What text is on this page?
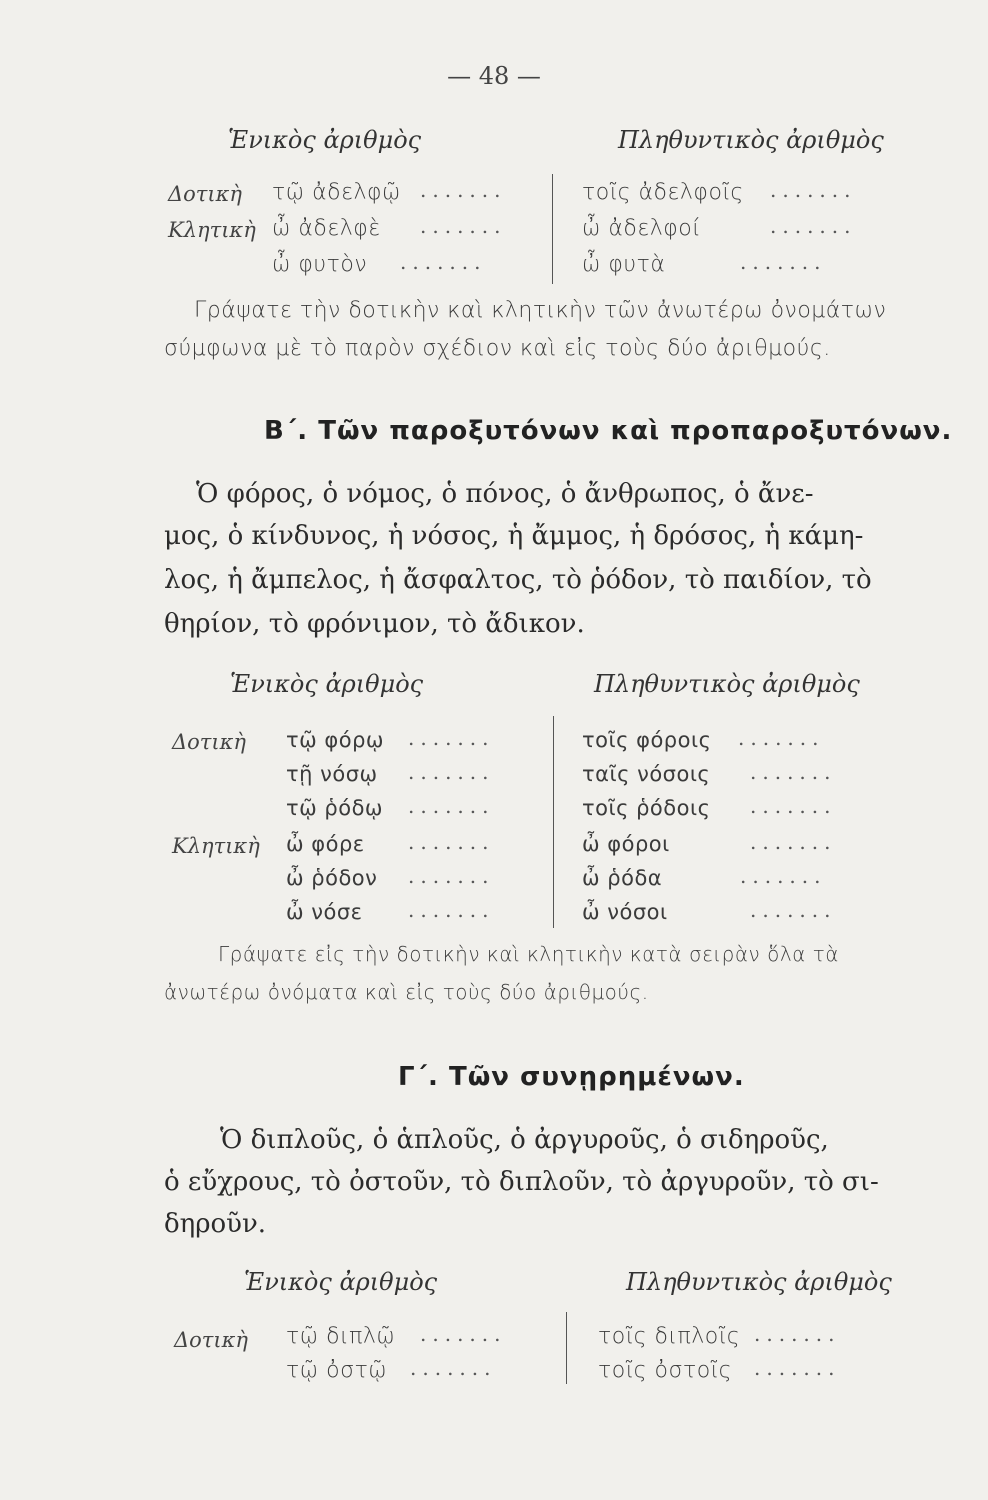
— 48 —
Ἑνικὸς ἀριθμὸς	Πληθυντικὸς ἀριθμὸς
Δοτικὴ τῷ ἀδελφῷ .......	τοῖς ἀδελφοῖς .......
Κλητικὴ ὦ ἀδελφὲ .......	ὦ ἀδελφοί	.......
ὦ φυτὸν .......	ὦ φυτὰ	.......
Γράψατε τὴν δοτικὴν καὶ κλητικὴν τῶν ἀνωτέρω ὀνομάτων
σύμφωνα μὲ τὸ παρὸν σχέδιον καὶ εἰς τοὺς δύο ἀριθμούς.
Β΄. Τῶν παροξυτόνων καὶ προπαροξυτόνων.
Ὁ φόρος, ὁ νόμος, ὁ πόνος, ὁ ἄνθρωπος, ὁ ἄνε-
μος, ὁ κίνδυνος, ἡ νόσος, ἡ ἄμμος, ἡ δρόσος, ἡ κάμη-
λος, ἡ ἄμπελος, ἡ ἄσφαλτος, τὸ ῥόδον, τὸ παιδίον, τὸ
θηρίον, τὸ φρόνιμον, τὸ ἄδικον.
Ἑνικὸς ἀριθμὸς	Πληθυντικὸς ἀριθμὸς
Δοτικὴ τῷ φόρῳ .......	τοῖς φόροις .......
τῇ νόσῳ .......	ταῖς νόσοις .......
τῷ ῥόδῳ .......	τοῖς ῥόδοις .......
Κλητικὴ ὦ φόρε .......	ὦ φόροι	.......
ὦ ῥόδον .......	ὦ ῥόδα	.......
ὦ νόσε .......	ὦ νόσοι	.......
Γράψατε εἰς τὴν δοτικὴν καὶ κλητικὴν κατὰ σειρὰν ὅλα τὰ
ἀνωτέρω ὀνόματα καὶ εἰς τοὺς δύο ἀριθμούς.
Γ΄. Τῶν συνῃρημένων.
Ὁ διπλοῦς, ὁ ἁπλοῦς, ὁ ἀργυροῦς, ὁ σιδηροῦς,
ὁ εὔχρους, τὸ ὀστοῦν, τὸ διπλοῦν, τὸ ἀργυροῦν, τὸ σι-
δηροῦν.
Ἑνικὸς ἀριθμὸς	Πληθυντικὸς ἀριθμὸς
Δοτικὴ τῷ διπλῷ .......	τοῖς διπλοῖς .......
τῷ ὀστῷ .......	τοῖς ὀστοῖς .......
